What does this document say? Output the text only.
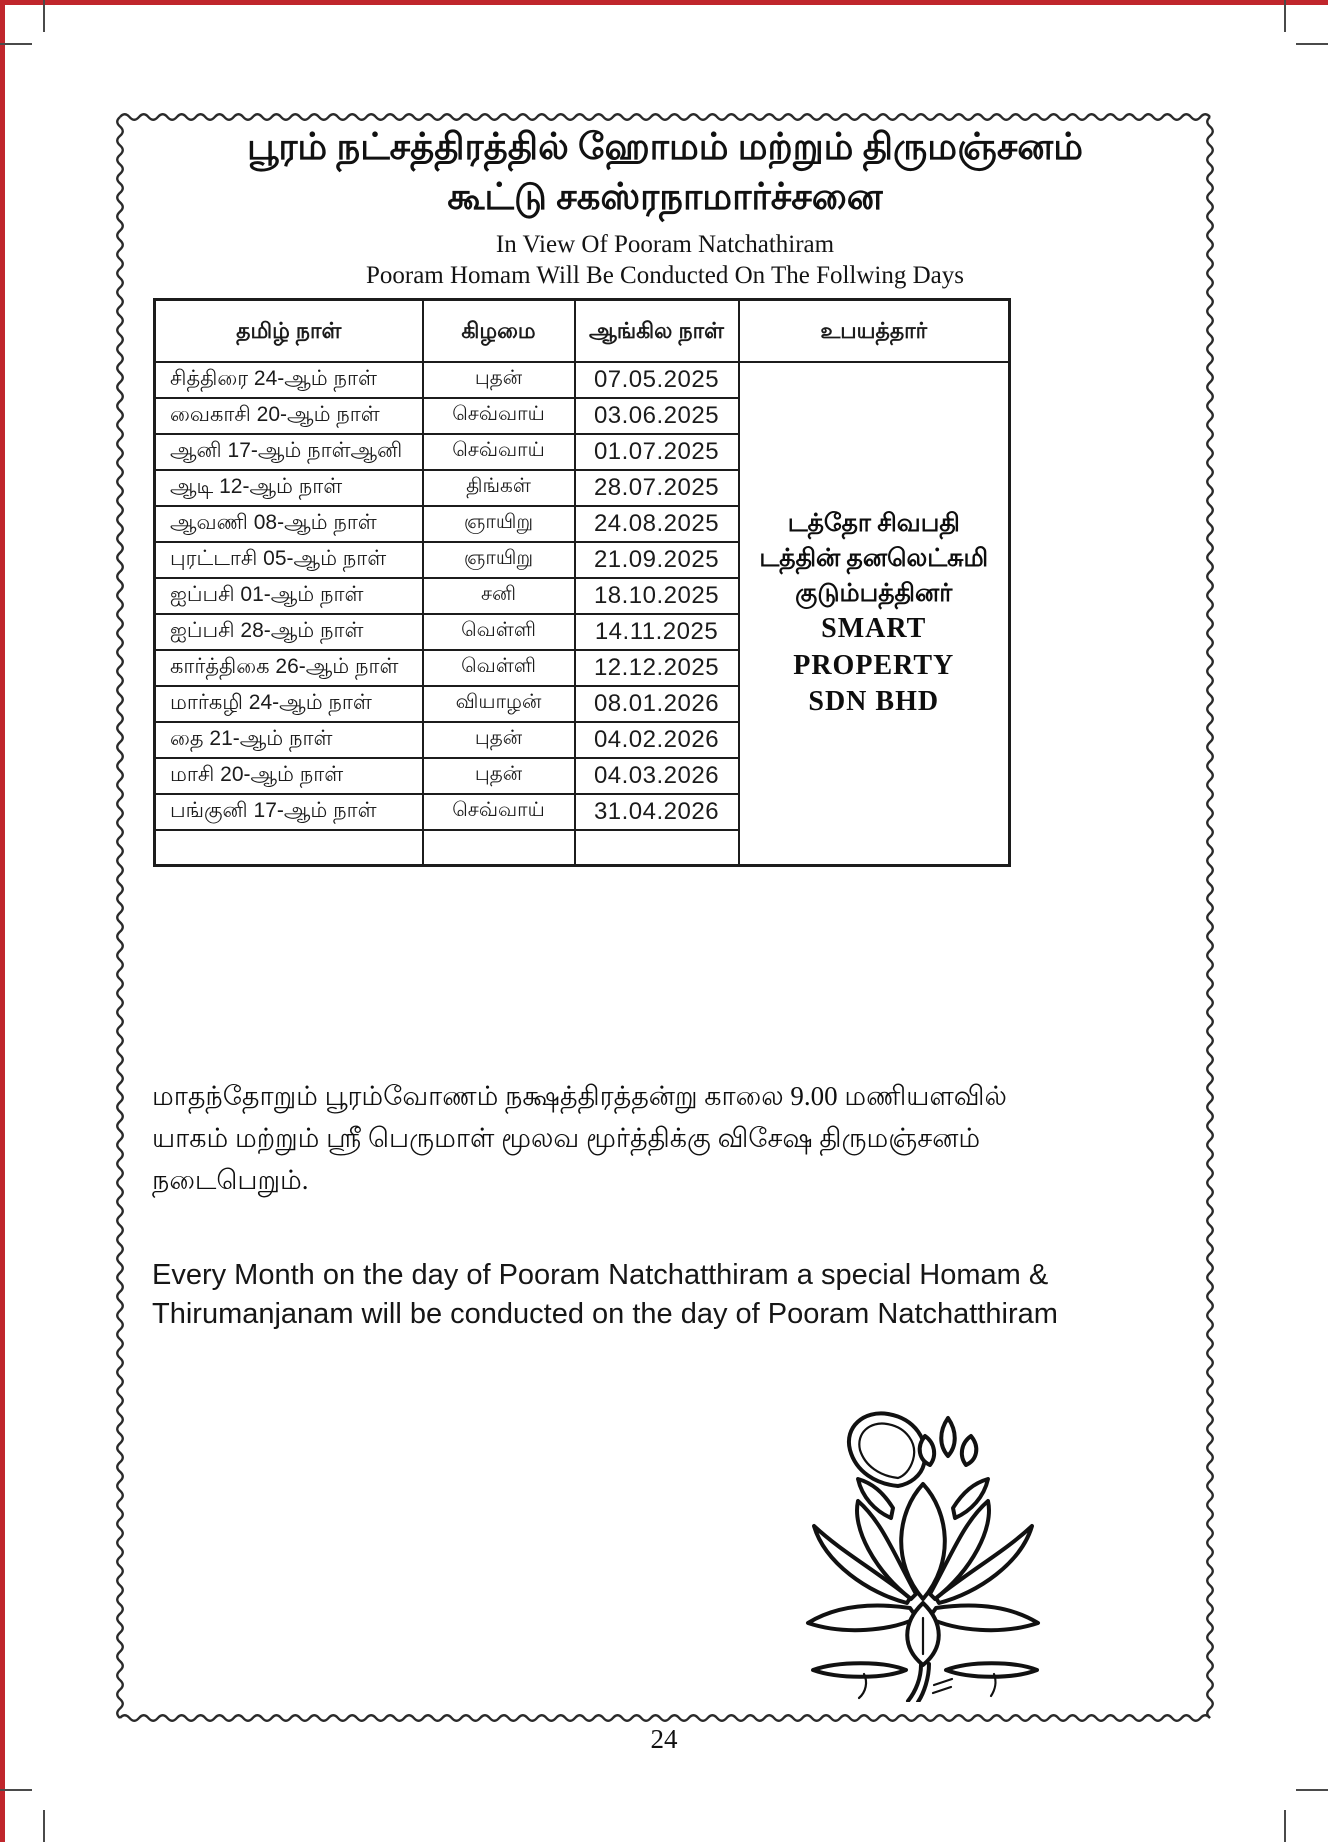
பூரம் நட்சத்திரத்தில் ஹோமம் மற்றும் திருமஞ்சனம்
கூட்டு சகஸ்ரநாமார்ச்சனை
In View Of Pooram Natchathiram
Pooram Homam Will Be Conducted On The Follwing Days
தமிழ் நாள்	கிழமை	ஆங்கில நாள்	உபயத்தார்
சித்திரை 24-ஆம் நாள்	புதன்	07.05.2025	டத்தோ சிவபதி
டத்தின் தனலெட்சுமி
குடும்பத்தினர்
SMART PROPERTY
SDN BHD

வைகாசி 20-ஆம் நாள்	செவ்வாய்	03.06.2025	
ஆனி 17-ஆம் நாள்ஆனி	செவ்வாய்	01.07.2025	
ஆடி 12-ஆம் நாள்	திங்கள்	28.07.2025	
ஆவணி 08-ஆம் நாள்	ஞாயிறு	24.08.2025	
புரட்டாசி 05-ஆம் நாள்	ஞாயிறு	21.09.2025	
ஐப்பசி 01-ஆம் நாள்	சனி	18.10.2025	
ஐப்பசி 28-ஆம் நாள்	வெள்ளி	14.11.2025	
கார்த்திகை 26-ஆம் நாள்	வெள்ளி	12.12.2025	
மார்கழி 24-ஆம் நாள்	வியாழன்	08.01.2026	
தை 21-ஆம் நாள்	புதன்	04.02.2026	
மாசி 20-ஆம் நாள்	புதன்	04.03.2026	
பங்குனி 17-ஆம் நாள்	செவ்வாய்	31.04.2026	

மாதந்தோறும் பூரம்வோணம் நக்ஷத்திரத்தன்று காலை 9.00 மணியளவில் யாகம் மற்றும் ஸ்ரீ பெருமாள் மூலவ மூர்த்திக்கு விசேஷ திருமஞ்சனம் நடைபெறும்.

Every Month on the day of Pooram Natchatthiram a special Homam & Thirumanjanam will be conducted on the day of Pooram Natchatthiram

24
